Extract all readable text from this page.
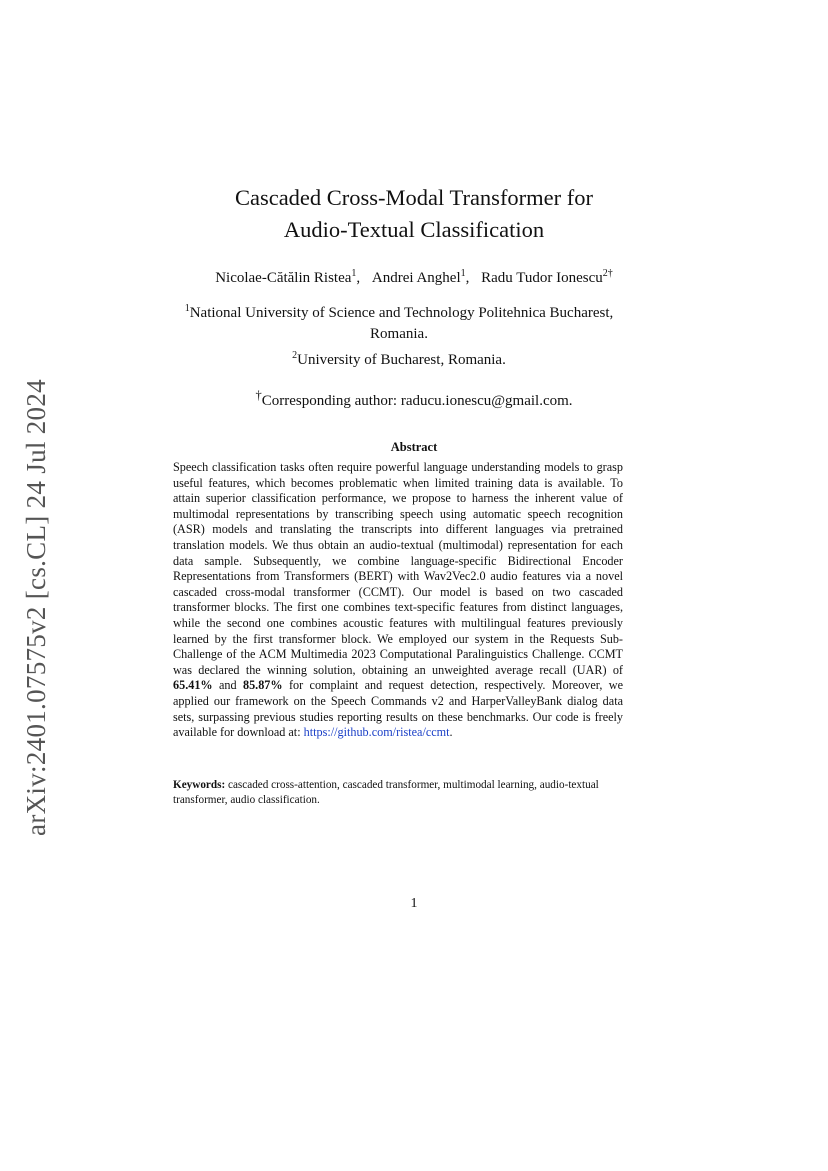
arXiv:2401.07575v2 [cs.CL] 24 Jul 2024
Cascaded Cross-Modal Transformer for
Audio-Textual Classification
Nicolae-Cătălin Ristea$^1$, Andrei Anghel$^1$, Radu Tudor Ionescu$^{2\dagger}$
$^1$National University of Science and Technology Politehnica Bucharest, Romania.
$^2$University of Bucharest, Romania.
†Corresponding author: raducu.ionescu@gmail.com.
Abstract
Speech classification tasks often require powerful language understanding models to grasp useful features, which becomes problematic when limited training data is available. To attain superior classification performance, we propose to harness the inherent value of multimodal representations by transcribing speech using automatic speech recognition (ASR) models and translating the transcripts into different languages via pretrained translation models. We thus obtain an audio-textual (multimodal) representation for each data sample. Subsequently, we combine language-specific Bidirectional Encoder Representations from Transformers (BERT) with Wav2Vec2.0 audio features via a novel cascaded cross-modal transformer (CCMT). Our model is based on two cascaded transformer blocks. The first one combines text-specific features from distinct languages, while the second one combines acoustic features with multilingual features previously learned by the first transformer block. We employed our system in the Requests Sub-Challenge of the ACM Multimedia 2023 Computational Paralinguistics Challenge. CCMT was declared the winning solution, obtaining an unweighted average recall (UAR) of 65.41% and 85.87% for complaint and request detection, respectively. Moreover, we applied our framework on the Speech Commands v2 and HarperValleyBank dialog data sets, surpassing previous studies reporting results on these benchmarks. Our code is freely available for download at: https://github.com/ristea/ccmt.
Keywords: cascaded cross-attention, cascaded transformer, multimodal learning, audio-textual transformer, audio classification.
1
